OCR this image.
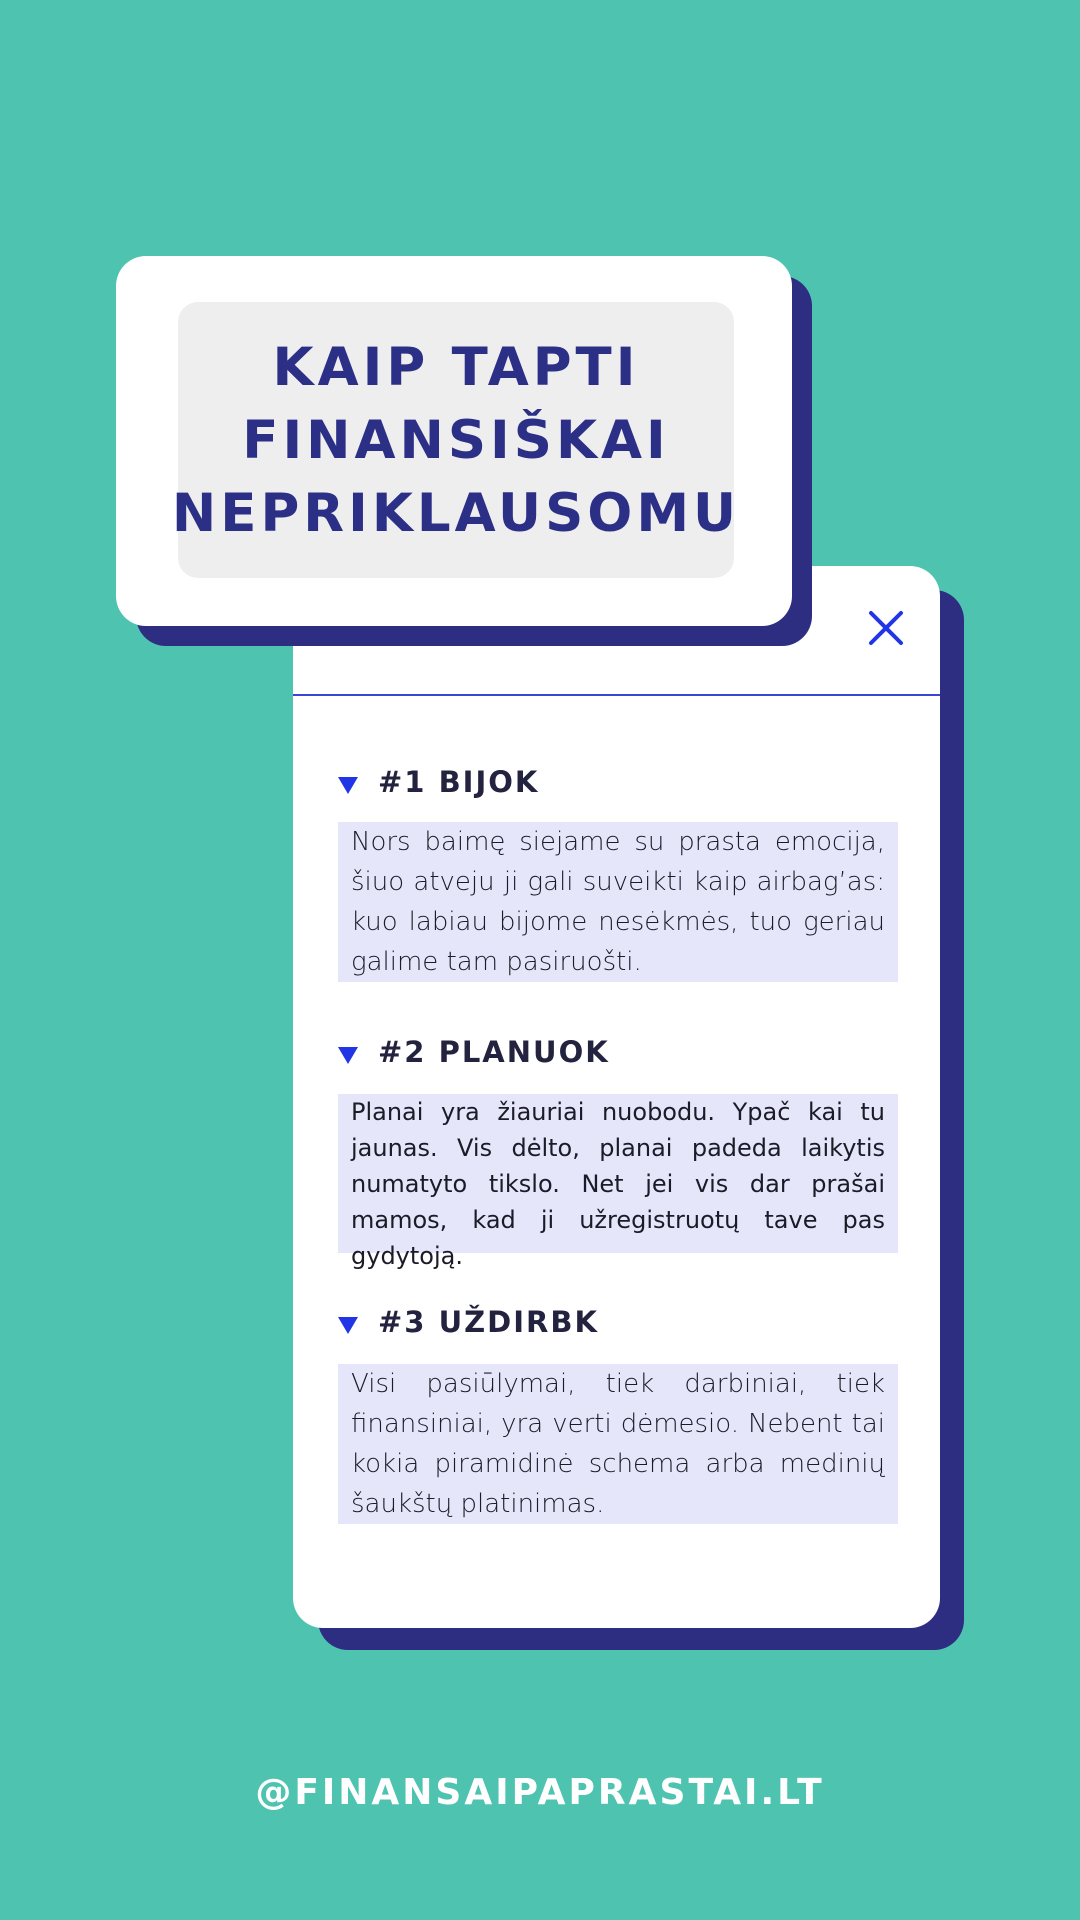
#1 BIJOK
Nors baimę siejame su prasta emocija, šiuo atveju ji gali suveikti kaip airbag’as: kuo labiau bijome nesėkmės, tuo geriau galime tam pasiruošti.
#2 PLANUOK
Planai yra žiauriai nuobodu. Ypač kai tu jaunas. Vis dėlto, planai padeda laikytis numatyto tikslo. Net jei vis dar prašai mamos, kad ji užregistruotų tave pas gydytoją.
#3 UŽDIRBK
Visi pasiūlymai, tiek darbiniai, tiek finansiniai, yra verti dėmesio. Nebent tai kokia piramidinė schema arba medinių šaukštų platinimas.
KAIP TAPTI
FINANSIŠKAI
NEPRIKLAUSOMU
@FINANSAIPAPRASTAI.LT
